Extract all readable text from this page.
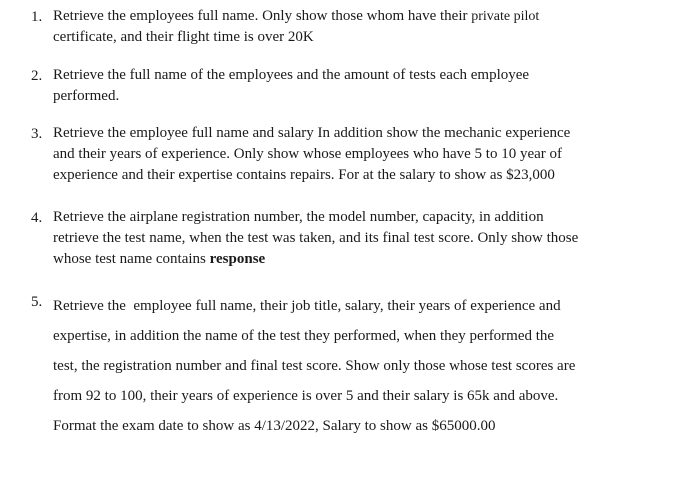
1. Retrieve the employees full name. Only show those whom have their private pilot
certificate, and their flight time is over 20K
2. Retrieve the full name of the employees and the amount of tests each employee
performed.
3. Retrieve the employee full name and salary In addition show the mechanic experience
and their years of experience. Only show whose employees who have 5 to 10 year of
experience and their expertise contains repairs. For at the salary to show as $23,000
4. Retrieve the airplane registration number, the model number, capacity, in addition
retrieve the test name, when the test was taken, and its final test score. Only show those
whose test name contains response
5. Retrieve the  employee full name, their job title, salary, their years of experience and
expertise, in addition the name of the test they performed, when they performed the
test, the registration number and final test score. Show only those whose test scores are
from 92 to 100, their years of experience is over 5 and their salary is 65k and above.
Format the exam date to show as 4/13/2022, Salary to show as $65000.00
